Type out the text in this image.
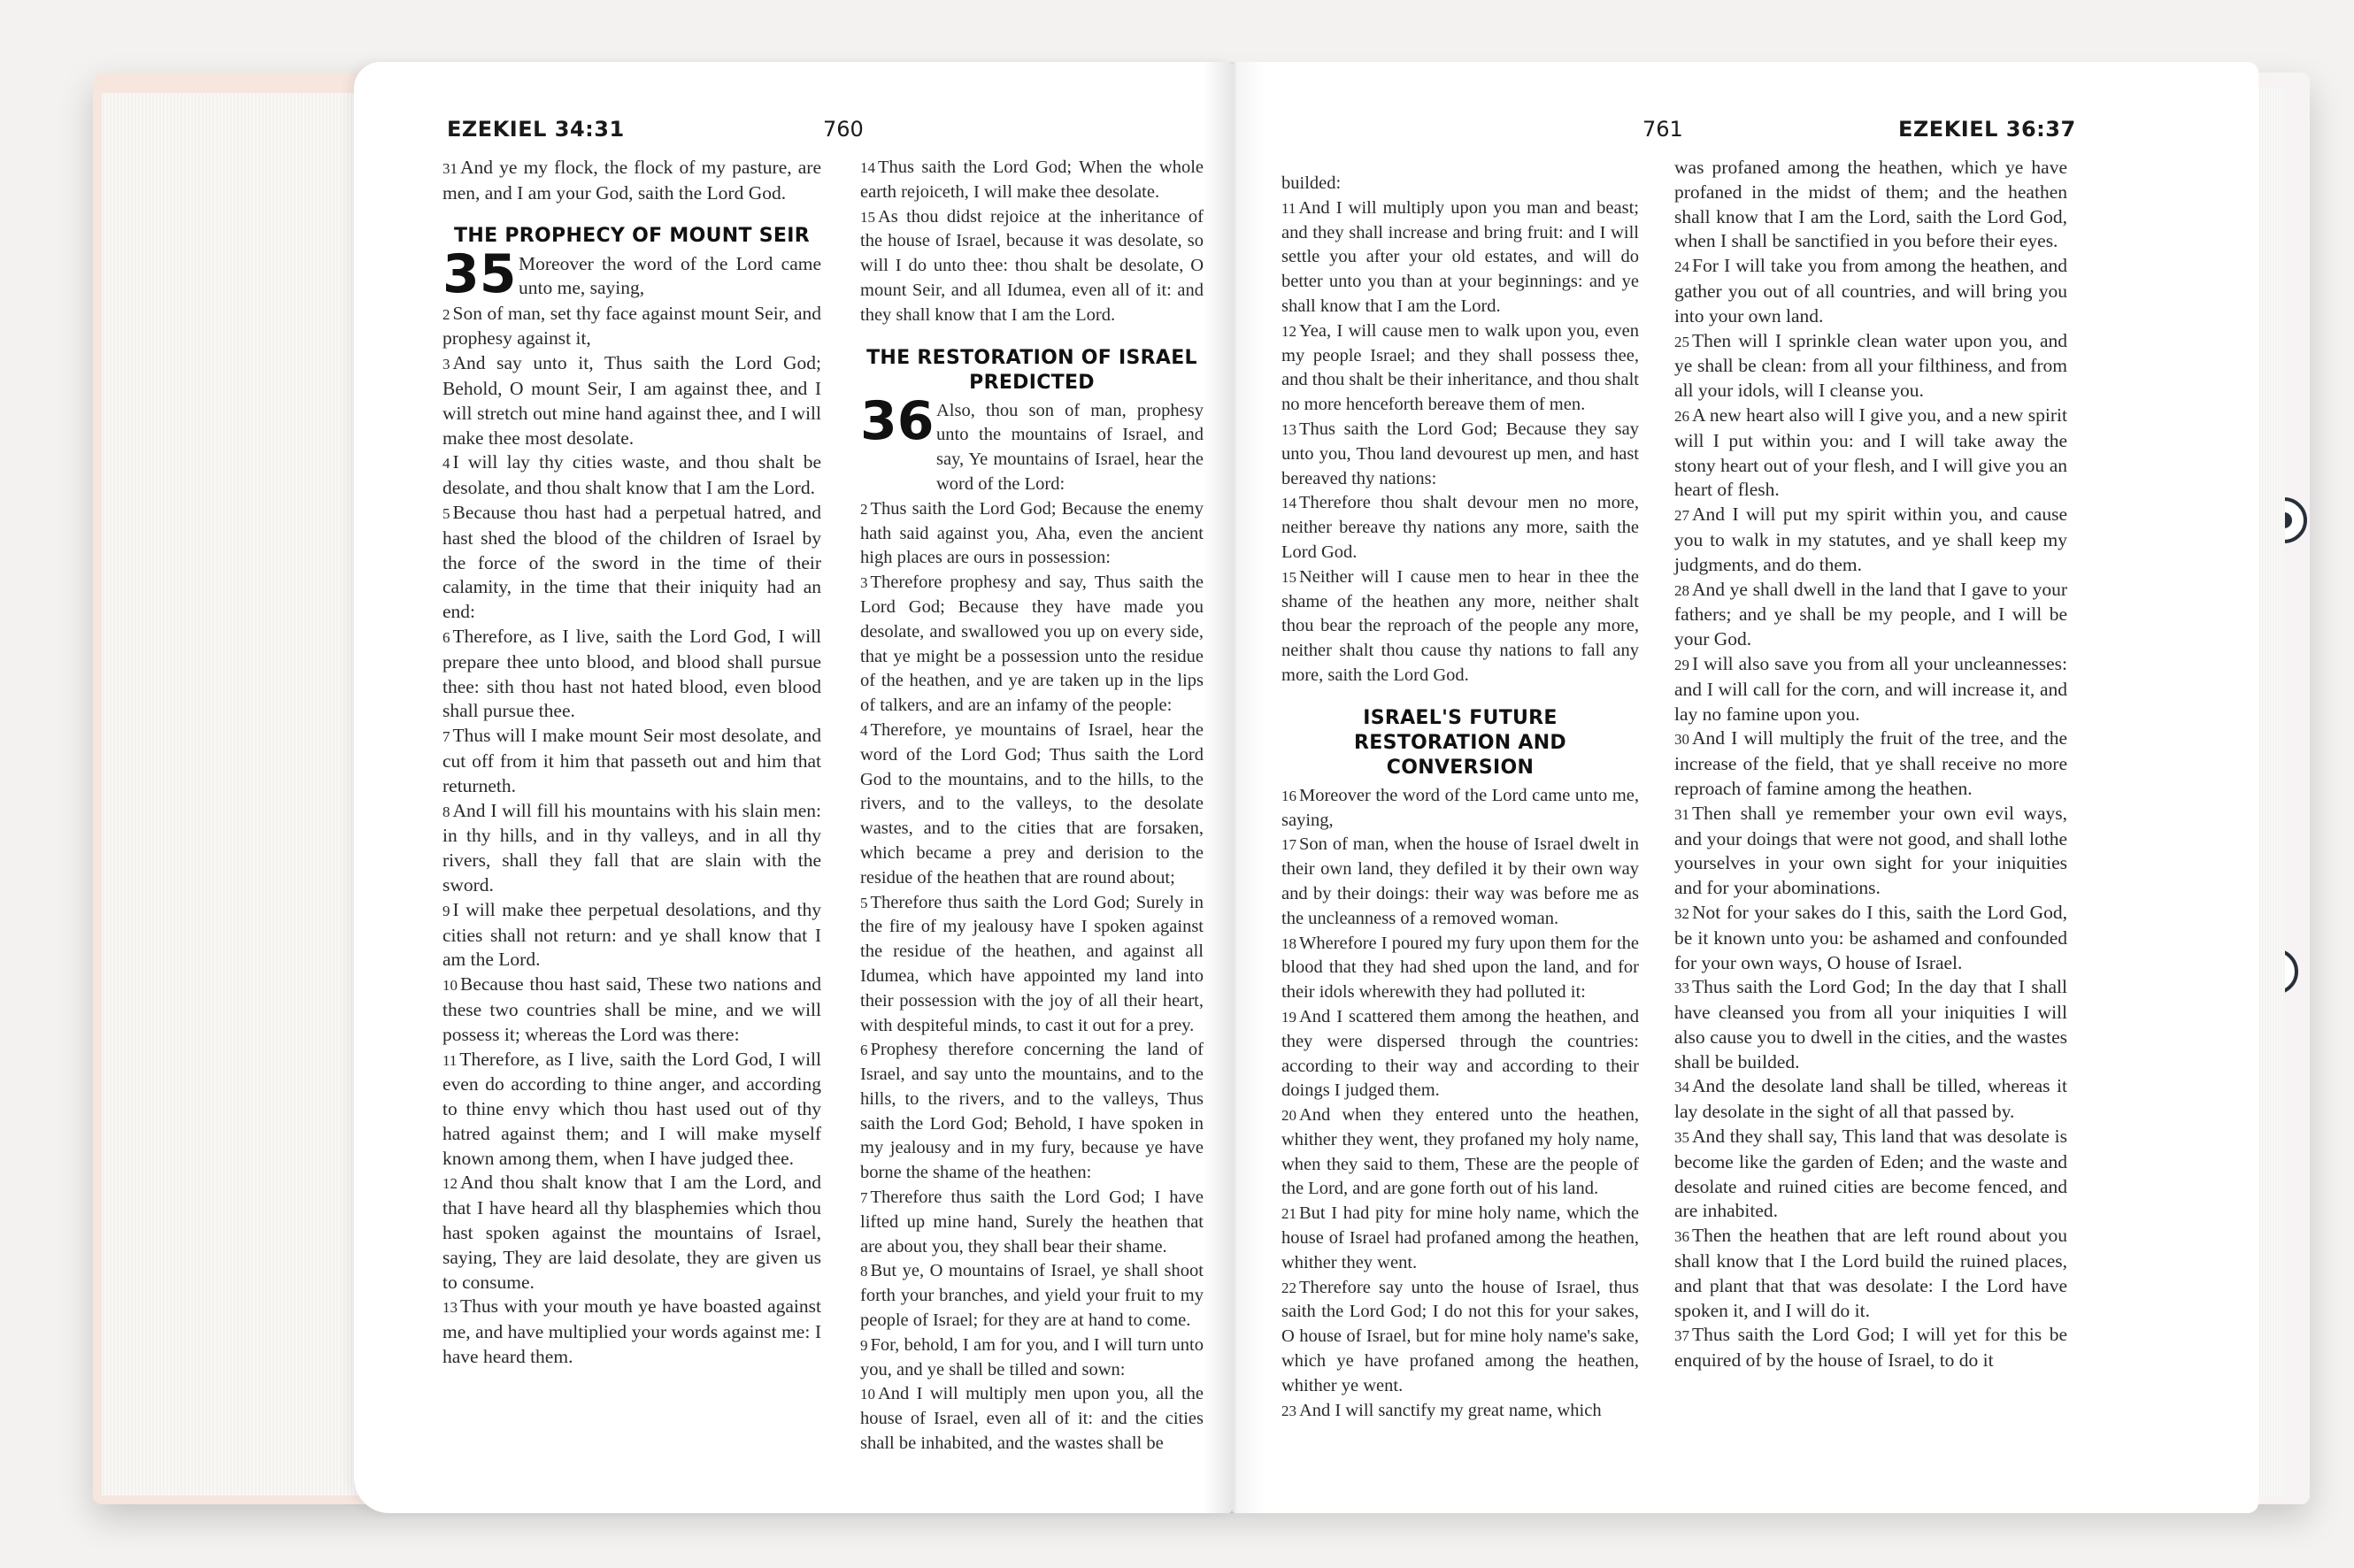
EZEKIEL 34:31	760	761	EZEKIEL 36:37

31 And ye my flock, the flock of my pasture, are men, and I am your God, saith the Lord God.

THE PROPHECY OF MOUNT SEIR

35 Moreover the word of the Lord came unto me, saying,

2 Son of man, set thy face against mount Seir, and prophesy against it,

3 And say unto it, Thus saith the Lord God; Behold, O mount Seir, I am against thee, and I will stretch out mine hand against thee, and I will make thee most desolate.

4 I will lay thy cities waste, and thou shalt be desolate, and thou shalt know that I am the Lord.

5 Because thou hast had a perpetual hatred, and hast shed the blood of the children of Israel by the force of the sword in the time of their calamity, in the time that their iniquity had an end:

6 Therefore, as I live, saith the Lord God, I will prepare thee unto blood, and blood shall pursue thee: sith thou hast not hated blood, even blood shall pursue thee.

7 Thus will I make mount Seir most desolate, and cut off from it him that passeth out and him that returneth.

8 And I will fill his mountains with his slain men: in thy hills, and in thy valleys, and in all thy rivers, shall they fall that are slain with the sword.

9 I will make thee perpetual desolations, and thy cities shall not return: and ye shall know that I am the Lord.

10 Because thou hast said, These two nations and these two countries shall be mine, and we will possess it; whereas the Lord was there:

11 Therefore, as I live, saith the Lord God, I will even do according to thine anger, and according to thine envy which thou hast used out of thy hatred against them; and I will make myself known among them, when I have judged thee.

12 And thou shalt know that I am the Lord, and that I have heard all thy blasphemies which thou hast spoken against the mountains of Israel, saying, They are laid desolate, they are given us to consume.

13 Thus with your mouth ye have boasted against me, and have multiplied your words against me: I have heard them.

14 Thus saith the Lord God; When the whole earth rejoiceth, I will make thee desolate.

15 As thou didst rejoice at the inheritance of the house of Israel, because it was desolate, so will I do unto thee: thou shalt be desolate, O mount Seir, and all Idumea, even all of it: and they shall know that I am the Lord.

THE RESTORATION OF ISRAEL PREDICTED

36 Also, thou son of man, prophesy unto the mountains of Israel, and say, Ye mountains of Israel, hear the word of the Lord:

2 Thus saith the Lord God; Because the enemy hath said against you, Aha, even the ancient high places are ours in possession:

3 Therefore prophesy and say, Thus saith the Lord God; Because they have made you desolate, and swallowed you up on every side, that ye might be a possession unto the residue of the heathen, and ye are taken up in the lips of talkers, and are an infamy of the people:

4 Therefore, ye mountains of Israel, hear the word of the Lord God; Thus saith the Lord God to the mountains, and to the hills, to the rivers, and to the valleys, to the desolate wastes, and to the cities that are forsaken, which became a prey and derision to the residue of the heathen that are round about;

5 Therefore thus saith the Lord God; Surely in the fire of my jealousy have I spoken against the residue of the heathen, and against all Idumea, which have appointed my land into their possession with the joy of all their heart, with despiteful minds, to cast it out for a prey.

6 Prophesy therefore concerning the land of Israel, and say unto the mountains, and to the hills, to the rivers, and to the valleys, Thus saith the Lord God; Behold, I have spoken in my jealousy and in my fury, because ye have borne the shame of the heathen:

7 Therefore thus saith the Lord God; I have lifted up mine hand, Surely the heathen that are about you, they shall bear their shame.

8 But ye, O mountains of Israel, ye shall shoot forth your branches, and yield your fruit to my people of Israel; for they are at hand to come.

9 For, behold, I am for you, and I will turn unto you, and ye shall be tilled and sown:

10 And I will multiply men upon you, all the house of Israel, even all of it: and the cities shall be inhabited, and the wastes shall be

builded:

11 And I will multiply upon you man and beast; and they shall increase and bring fruit: and I will settle you after your old estates, and will do better unto you than at your beginnings: and ye shall know that I am the Lord.

12 Yea, I will cause men to walk upon you, even my people Israel; and they shall possess thee, and thou shalt be their inheritance, and thou shalt no more henceforth bereave them of men.

13 Thus saith the Lord God; Because they say unto you, Thou land devourest up men, and hast bereaved thy nations:

14 Therefore thou shalt devour men no more, neither bereave thy nations any more, saith the Lord God.

15 Neither will I cause men to hear in thee the shame of the heathen any more, neither shalt thou bear the reproach of the people any more, neither shalt thou cause thy nations to fall any more, saith the Lord God.

ISRAEL'S FUTURE RESTORATION AND CONVERSION

16 Moreover the word of the Lord came unto me, saying,

17 Son of man, when the house of Israel dwelt in their own land, they defiled it by their own way and by their doings: their way was before me as the uncleanness of a removed woman.

18 Wherefore I poured my fury upon them for the blood that they had shed upon the land, and for their idols wherewith they had polluted it:

19 And I scattered them among the heathen, and they were dispersed through the countries: according to their way and according to their doings I judged them.

20 And when they entered unto the heathen, whither they went, they profaned my holy name, when they said to them, These are the people of the Lord, and are gone forth out of his land.

21 But I had pity for mine holy name, which the house of Israel had profaned among the heathen, whither they went.

22 Therefore say unto the house of Israel, thus saith the Lord God; I do not this for your sakes, O house of Israel, but for mine holy name's sake, which ye have profaned among the heathen, whither ye went.

23 And I will sanctify my great name, which

was profaned among the heathen, which ye have profaned in the midst of them; and the heathen shall know that I am the Lord, saith the Lord God, when I shall be sanctified in you before their eyes.

24 For I will take you from among the heathen, and gather you out of all countries, and will bring you into your own land.

25 Then will I sprinkle clean water upon you, and ye shall be clean: from all your filthiness, and from all your idols, will I cleanse you.

26 A new heart also will I give you, and a new spirit will I put within you: and I will take away the stony heart out of your flesh, and I will give you an heart of flesh.

27 And I will put my spirit within you, and cause you to walk in my statutes, and ye shall keep my judgments, and do them.

28 And ye shall dwell in the land that I gave to your fathers; and ye shall be my people, and I will be your God.

29 I will also save you from all your uncleannesses: and I will call for the corn, and will increase it, and lay no famine upon you.

30 And I will multiply the fruit of the tree, and the increase of the field, that ye shall receive no more reproach of famine among the heathen.

31 Then shall ye remember your own evil ways, and your doings that were not good, and shall lothe yourselves in your own sight for your iniquities and for your abominations.

32 Not for your sakes do I this, saith the Lord God, be it known unto you: be ashamed and confounded for your own ways, O house of Israel.

33 Thus saith the Lord God; In the day that I shall have cleansed you from all your iniquities I will also cause you to dwell in the cities, and the wastes shall be builded.

34 And the desolate land shall be tilled, whereas it lay desolate in the sight of all that passed by.

35 And they shall say, This land that was desolate is become like the garden of Eden; and the waste and desolate and ruined cities are become fenced, and are inhabited.

36 Then the heathen that are left round about you shall know that I the Lord build the ruined places, and plant that that was desolate: I the Lord have spoken it, and I will do it.

37 Thus saith the Lord God; I will yet for this be enquired of by the house of Israel, to do it
